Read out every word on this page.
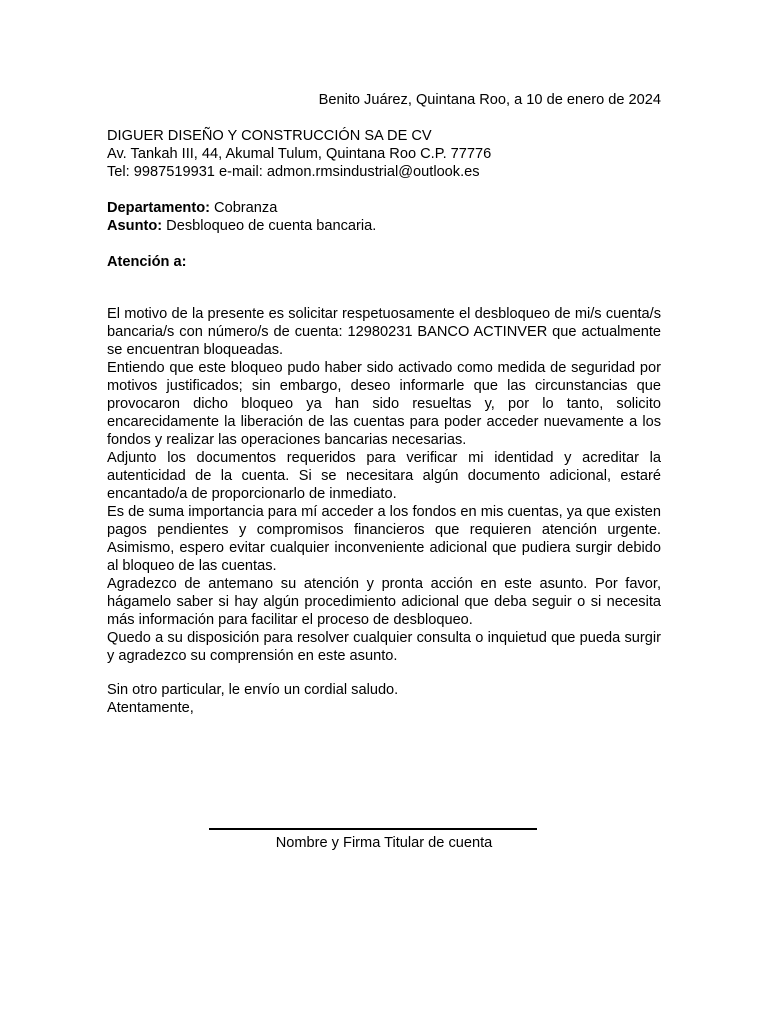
Benito Juárez, Quintana Roo, a 10 de enero de 2024
DIGUER DISEÑO Y CONSTRUCCIÓN SA DE CV
Av. Tankah III, 44, Akumal Tulum, Quintana Roo C.P. 77776
Tel: 9987519931 e-mail: admon.rmsindustrial@outlook.es
Departamento: Cobranza
Asunto: Desbloqueo de cuenta bancaria.
Atención a:

El motivo de la presente es solicitar respetuosamente el desbloqueo de mi/s cuenta/s bancaria/s con número/s de cuenta: 12980231 BANCO ACTINVER que actualmente se encuentran bloqueadas.

Entiendo que este bloqueo pudo haber sido activado como medida de seguridad por motivos justificados; sin embargo, deseo informarle que las circunstancias que provocaron dicho bloqueo ya han sido resueltas y, por lo tanto, solicito encarecidamente la liberación de las cuentas para poder acceder nuevamente a los fondos y realizar las operaciones bancarias necesarias.

Adjunto los documentos requeridos para verificar mi identidad y acreditar la autenticidad de la cuenta. Si se necesitara algún documento adicional, estaré encantado/a de proporcionarlo de inmediato.

Es de suma importancia para mí acceder a los fondos en mis cuentas, ya que existen pagos pendientes y compromisos financieros que requieren atención urgente. Asimismo, espero evitar cualquier inconveniente adicional que pudiera surgir debido al bloqueo de las cuentas.

Agradezco de antemano su atención y pronta acción en este asunto. Por favor, hágamelo saber si hay algún procedimiento adicional que deba seguir o si necesita más información para facilitar el proceso de desbloqueo.

Quedo a su disposición para resolver cualquier consulta o inquietud que pueda surgir y agradezco su comprensión en este asunto.

Sin otro particular, le envío un cordial saludo.

Atentamente,

Nombre y Firma Titular de cuenta
